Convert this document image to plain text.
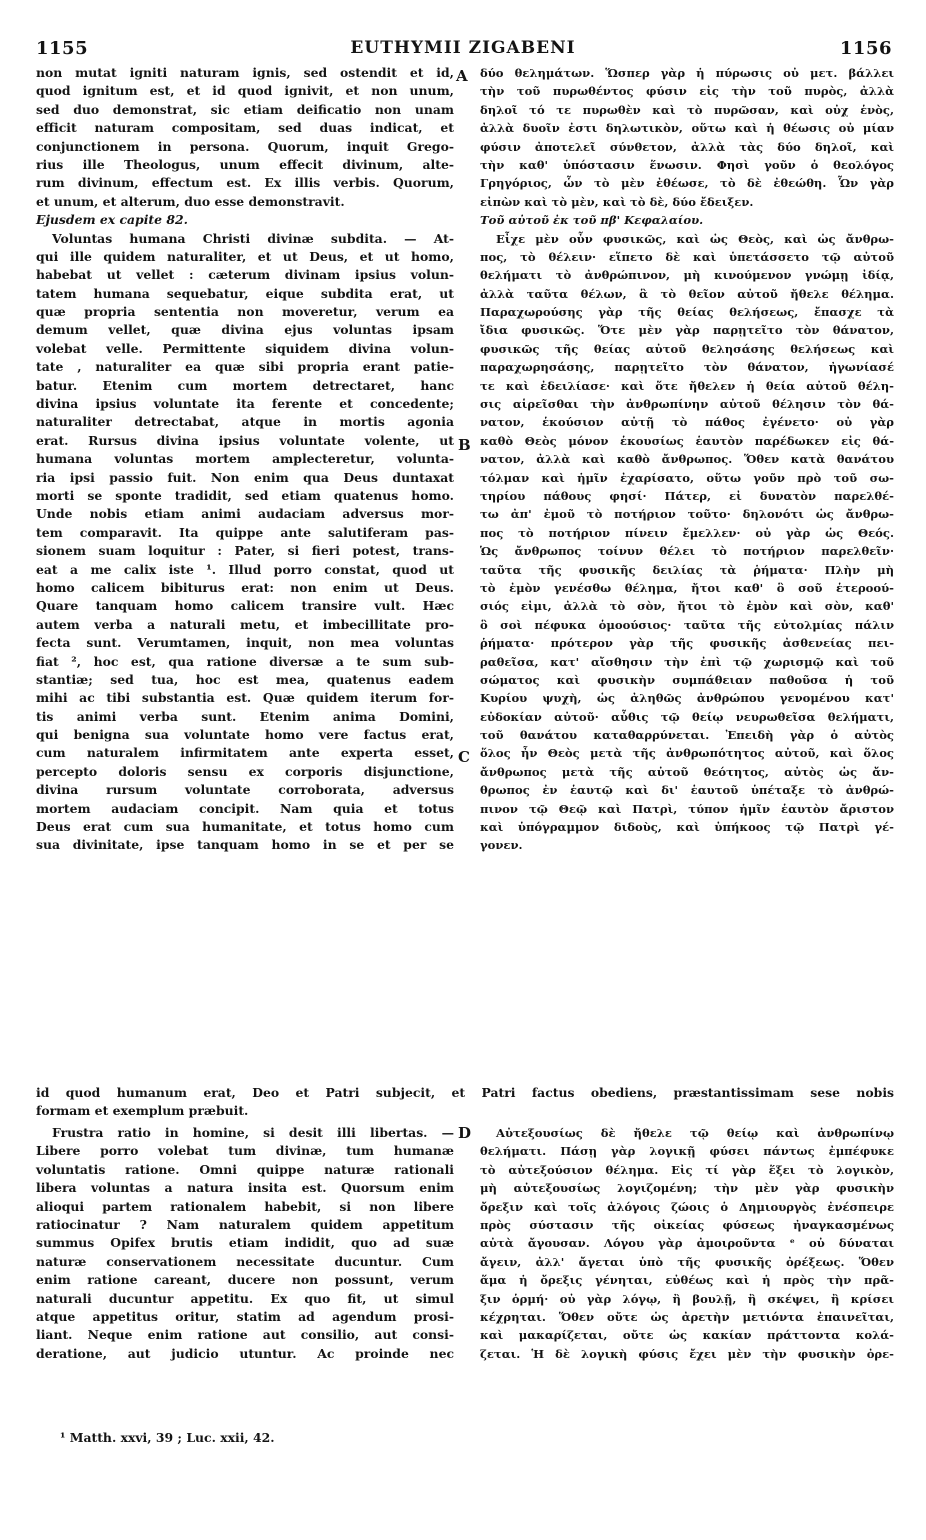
1155	EUTHYMII ZIGABENI	1156
non mutat igniti naturam ignis, sed ostendit et id,
quod ignitum est, et id quod ignivit, et non unum,
sed duo demonstrat, sic etiam deificatio non unam
efficit naturam compositam, sed duas indicat, et
conjunctionem in persona. Quorum, inquit Grego-
rius ille Theologus, unum effecit divinum, alte-
rum divinum, effectum est. Ex illis verbis. Quorum,
et unum, et alterum, duo esse demonstravit.
Ejusdem ex capite 82.
Voluntas humana Christi divinæ subdita. — At-
qui ille quidem naturaliter, et ut Deus, et ut homo,
habebat ut vellet : cæterum divinam ipsius volun-
tatem humana sequebatur, eique subdita erat, ut
quæ propria sententia non moveretur, verum ea
demum vellet, quæ divina ejus voluntas ipsam
volebat velle. Permittente siquidem divina volun-
tate , naturaliter ea quæ sibi propria erant patie-
batur. Etenim cum mortem detrectaret, hanc
divina ipsius voluntate ita ferente et concedente;
naturaliter detrectabat, atque in mortis agonia
erat. Rursus divina ipsius voluntate volente, ut
humana voluntas mortem amplecteretur, volunta-
ria ipsi passio fuit. Non enim qua Deus duntaxat
morti se sponte tradidit, sed etiam quatenus homo.
Unde nobis etiam animi audaciam adversus mor-
tem comparavit. Ita quippe ante salutiferam pas-
sionem suam loquitur : Pater, si fieri potest, trans-
eat a me calix iste ¹. Illud porro constat, quod ut
homo calicem bibiturus erat: non enim ut Deus.
Quare tanquam homo calicem transire vult. Hæc
autem verba a naturali metu, et imbecillitate pro-
fecta sunt. Verumtamen, inquit, non mea voluntas
fiat ², hoc est, qua ratione diversæ a te sum sub-
stantiæ; sed tua, hoc est mea, quatenus eadem
mihi ac tibi substantia est. Quæ quidem iterum for-
tis animi verba sunt. Etenim anima Domini,
qui benigna sua voluntate homo vere factus erat,
cum naturalem infirmitatem ante experta esset,
percepto doloris sensu ex corporis disjunctione,
divina rursum voluntate corroborata, adversus
mortem audaciam concipit. Nam quia et totus
Deus erat cum sua humanitate, et totus homo cum
sua divinitate, ipse tanquam homo in se et per se
δύο θελημάτων. Ὥσπερ γὰρ ἡ πύρωσις οὐ μετ. βάλλει
τὴν τοῦ πυρωθέντος φύσιν εἰς τὴν τοῦ πυρὸς, ἀλλὰ
δηλοῖ τό τε πυρωθὲν καὶ τὸ πυρῶσαν, καὶ οὐχ ἑνὸς,
ἀλλὰ δυοῖν ἐστι δηλωτικὸν, οὕτω καὶ ἡ θέωσις οὐ μίαν
φύσιν ἀποτελεῖ σύνθετον, ἀλλὰ τὰς δύο δηλοῖ, καὶ
τὴν καθ' ὑπόστασιν ἕνωσιν. Φησὶ γοῦν ὁ θεολόγος
Γρηγόριος, ὧν τὸ μὲν ἐθέωσε, τὸ δὲ ἐθεώθη. Ὧν γὰρ
εἰπὼν καὶ τὸ μὲν, καὶ τὸ δὲ, δύο ἔδειξεν.
Τοῦ αὐτοῦ ἐκ τοῦ πβ' Κεφαλαίου.
Εἶχε μὲν οὖν φυσικῶς, καὶ ὡς Θεὸς, καὶ ὡς ἄνθρω-
πος, τὸ θέλειν· εἵπετο δὲ καὶ ὑπετάσσετο τῷ αὐτοῦ
θελήματι τὸ ἀνθρώπινον, μὴ κινούμενον γνώμῃ ἰδίᾳ,
ἀλλὰ ταῦτα θέλων, ἃ τὸ θεῖον αὐτοῦ ἤθελε θέλημα.
Παραχωρούσης γὰρ τῆς θείας θελήσεως, ἔπασχε τὰ
ἴδια φυσικῶς. Ὅτε μὲν γὰρ παρῃτεῖτο τὸν θάνατον,
φυσικῶς τῆς θείας αὐτοῦ θελησάσης θελήσεως καὶ
παραχωρησάσης, παρῃτεῖτο τὸν θάνατον, ἠγωνίασέ
τε καὶ ἐδειλίασε· καὶ ὅτε ἤθελεν ἡ θεία αὐτοῦ θέλη-
σις αἱρεῖσθαι τὴν ἀνθρωπίνην αὐτοῦ θέλησιν τὸν θά-
νατον, ἑκούσιον αὐτῇ τὸ πάθος ἐγένετο· οὐ γὰρ
καθὸ Θεὸς μόνον ἑκουσίως ἑαυτὸν παρέδωκεν εἰς θά-
νατον, ἀλλὰ καὶ καθὸ ἄνθρωπος. Ὅθεν κατὰ θανάτου
τόλμαν καὶ ἡμῖν ἐχαρίσατο, οὕτω γοῦν πρὸ τοῦ σω-
τηρίου πάθους φησί· Πάτερ, εἰ δυνατὸν παρελθέ-
τω ἀπ' ἐμοῦ τὸ ποτήριον τοῦτο· δηλονότι ὡς ἄνθρω-
πος τὸ ποτήριον πίνειν ἔμελλεν· οὐ γὰρ ὡς Θεός.
Ὡς ἄνθρωπος τοίνυν θέλει τὸ ποτήριον παρελθεῖν·
ταῦτα τῆς φυσικῆς δειλίας τὰ ῥήματα· Πλὴν μὴ
τὸ ἐμὸν γενέσθω θέλημα, ἤτοι καθ' ὃ σοῦ ἑτεροού-
σιός εἰμι, ἀλλὰ τὸ σὸν, ἤτοι τὸ ἐμὸν καὶ σὸν, καθ'
ὃ σοὶ πέφυκα ὁμοούσιος· ταῦτα τῆς εὐτολμίας πάλιν
ῥήματα· πρότερον γὰρ τῆς φυσικῆς ἀσθενείας πει-
ραθεῖσα, κατ' αἴσθησιν τὴν ἐπὶ τῷ χωρισμῷ καὶ τοῦ
σώματος καὶ φυσικὴν συμπάθειαν παθοῦσα ἡ τοῦ
Κυρίου ψυχὴ, ὡς ἀληθῶς ἀνθρώπου γενομένου κατ'
εὐδοκίαν αὐτοῦ· αὖθις τῷ θείῳ νευρωθεῖσα θελήματι,
τοῦ θανάτου καταθαρρύνεται. Ἐπειδὴ γὰρ ὁ αὐτὸς
ὅλος ἦν Θεὸς μετὰ τῆς ἀνθρωπότητος αὐτοῦ, καὶ ὅλος
ἄνθρωπος μετὰ τῆς αὐτοῦ θεότητος, αὐτὸς ὡς ἄν-
θρωπος ἐν ἑαυτῷ καὶ δι' ἑαυτοῦ ὑπέταξε τὸ ἀνθρώ-
πινον τῷ Θεῷ καὶ Πατρὶ, τύπον ἡμῖν ἑαυτὸν ἄριστον
καὶ ὑπόγραμμον διδοὺς, καὶ ὑπήκοος τῷ Πατρὶ γέ-
γονεν.
A
B
C
D
id quod humanum erat, Deo et Patri subjecit, et Patri factus obediens, præstantissimam sese nobis
formam et exemplum præbuit.
Frustra ratio in homine, si desit illi libertas. —
Libere porro volebat tum divinæ, tum humanæ
voluntatis ratione. Omni quippe naturæ rationali
libera voluntas a natura insita est. Quorsum enim
alioqui partem rationalem habebit, si non libere
ratiocinatur ? Nam naturalem quidem appetitum
summus Opifex brutis etiam indidit, quo ad suæ
naturæ conservationem necessitate ducuntur. Cum
enim ratione careant, ducere non possunt, verum
naturali ducuntur appetitu. Ex quo fit, ut simul
atque appetitus oritur, statim ad agendum prosi-
liant. Neque enim ratione aut consilio, aut consi-
deratione, aut judicio utuntur. Ac proinde nec
Αὐτεξουσίως δὲ ἤθελε τῷ θείῳ καὶ ἀνθρωπίνῳ
θελήματι. Πάσῃ γὰρ λογικῇ φύσει πάντως ἐμπέφυκε
τὸ αὐτεξούσιον θέλημα. Εἰς τί γὰρ ἕξει τὸ λογικὸν,
μὴ αὐτεξουσίως λογιζομένη; τὴν μὲν γὰρ φυσικὴν
ὄρεξιν καὶ τοῖς ἀλόγοις ζώοις ὁ Δημιουργὸς ἐνέσπειρε
πρὸς σύστασιν τῆς οἰκείας φύσεως ἠναγκασμένως
αὐτὰ ἄγουσαν. Λόγου γὰρ ἀμοιροῦντα ᵉ οὐ δύναται
ἄγειν, ἀλλ' ἄγεται ὑπὸ τῆς φυσικῆς ὀρέξεως. Ὅθεν
ἅμα ἡ ὄρεξις γένηται, εὐθέως καὶ ἡ πρὸς τὴν πρᾶ-
ξιν ὁρμή· οὐ γὰρ λόγῳ, ἢ βουλῇ, ἢ σκέψει, ἢ κρίσει
κέχρηται. Ὅθεν οὔτε ὡς ἀρετὴν μετιόντα ἐπαινεῖται,
καὶ μακαρίζεται, οὔτε ὡς κακίαν πράττοντα κολά-
ζεται. Ἡ δὲ λογικὴ φύσις ἔχει μὲν τὴν φυσικὴν ὀρε-
¹ Matth. xxvi, 39 ; Luc. xxii, 42.
